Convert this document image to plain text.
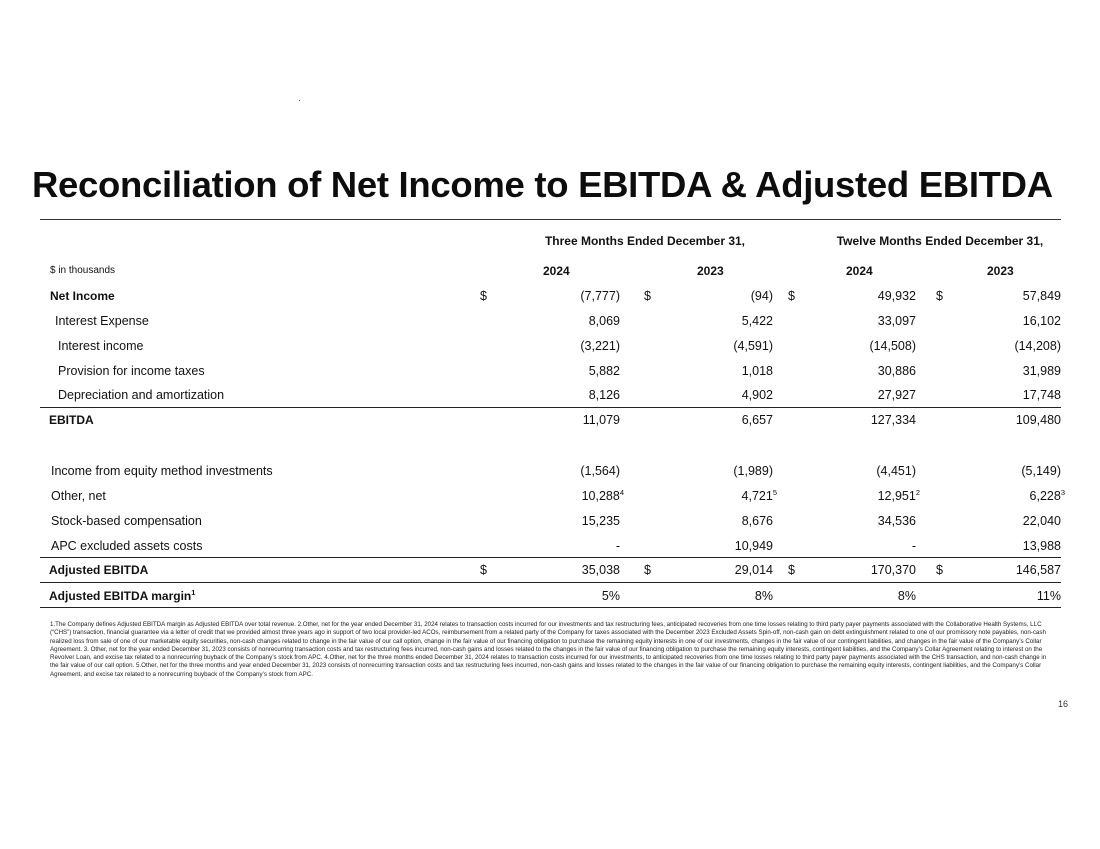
Reconciliation of Net Income to EBITDA & Adjusted EBITDA
Three Months Ended December 31,	Twelve Months Ended December 31,
$ in thousands	2024	2023	2024	2023
Net Income	$	(7,777) $	(94) $	49,932 $	57,849
Interest Expense	8,069	5,422	33,097	16,102
Interest income	(3,221)	(4,591)	(14,508)	(14,208)
Provision for income taxes	5,882	1,018	30,886	31,989
Depreciation and amortization	8,126	4,902	27,927	17,748
EBITDA	11,079	6,657	127,334	109,480
Income from equity method investments	(1,564)	(1,989)	(4,451)	(5,149)
Other, net	10,288$^4$	4,721$^5$	12,951$^2$	6,228$^3$
Stock-based compensation	15,235	8,676	34,536	22,040
APC excluded assets costs	-	10,949	-	13,988
Adjusted EBITDA	$	35,038 $	29,014 $	170,370 $	146,587
Adjusted EBITDA margin$^1$	5%	8%	8%	11%
1.The Company defines Adjusted EBITDA margin as Adjusted EBITDA over total revenue. 2.Other, net for the year ended December 31, 2024 relates to transaction costs incurred for our investments and tax restructuring fees, anticipated recoveries from one time losses relating to third party payer payments associated with the Collaborative Health Systems, LLC (“CHS”) transaction, financial guarantee via a letter of credit that we provided almost three years ago in support of two local provider-led ACOs, reimbursement from a related party of the Company for taxes associated with the December 2023 Excluded Assets Spin-off, non-cash gain on debt extinguishment related to one of our promissory note payables, non-cash realized loss from sale of one of our marketable equity securities, non-cash changes related to change in the fair value of our call option, change in the fair value of our financing obligation to purchase the remaining equity interests in one of our investments, changes in the fair value of our contingent liabilities, and changes in the fair value of the Company’s Collar Agreement. 3. Other, net for the year ended December 31, 2023 consists of nonrecurring transaction costs and tax restructuring fees incurred, non-cash gains and losses related to the changes in the fair value of our financing obligation to purchase the remaining equity interests, contingent liabilities, and the Company’s Collar Agreement relating to interest on the Revolver Loan, and excise tax related to a nonrecurring buyback of the Company’s stock from APC. 4.Other, net for the three months ended December 31, 2024 relates to transaction costs incurred for our investments, to anticipated recoveries from one time losses relating to third party payer payments associated with the CHS transaction, and non-cash change in the fair value of our call option. 5.Other, net for the three months and year ended December 31, 2023 consists of nonrecurring transaction costs and tax restructuring fees incurred, non-cash gains and losses related to the changes in the fair value of our financing obligation to purchase the remaining equity interests, contingent liabilities, and the Company’s Collar Agreement, and excise tax related to a nonrecurring buyback of the Company’s stock from APC.
16
